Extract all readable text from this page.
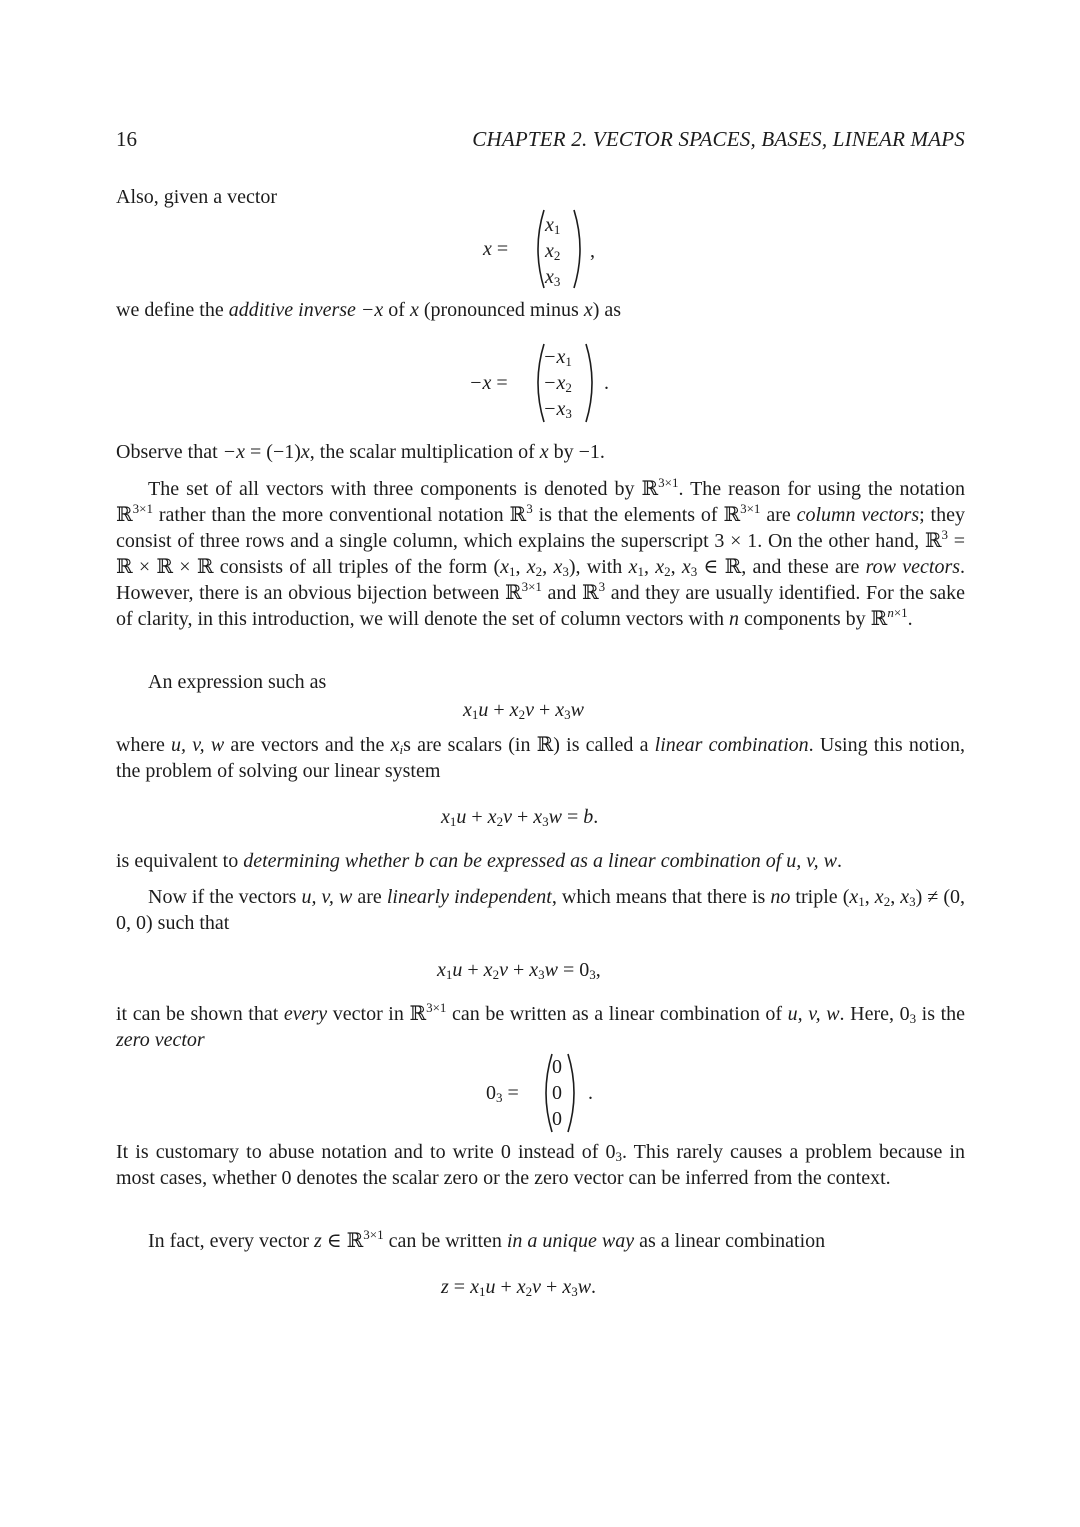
16	CHAPTER 2. VECTOR SPACES, BASES, LINEAR MAPS
Also, given a vector
x =
$x_1$
$x_2$
$x_3$
,
we define the additive inverse −x of x (pronounced minus x) as
−x =
$-x_1$
$-x_2$
$-x_3$
.
Observe that −x = (−1)x, the scalar multiplication of x by −1.
The set of all vectors with three components is denoted by ℝ$^{3\times 1}$. The reason for using the notation ℝ$^{3\times 1}$ rather than the more conventional notation ℝ$^3$ is that the elements of ℝ$^{3\times 1}$ are column vectors; they consist of three rows and a single column, which explains the superscript 3 × 1. On the other hand, ℝ$^3$ = ℝ × ℝ × ℝ consists of all triples of the form ($x_1$, $x_2$, $x_3$), with $x_1$, $x_2$, $x_3$ ∈ ℝ, and these are row vectors. However, there is an obvious bijection between ℝ$^{3\times 1}$ and ℝ$^3$ and they are usually identified. For the sake of clarity, in this introduction, we will denote the set of column vectors with n components by ℝ$^{n\times 1}$.
An expression such as
$x_1u + x_2v + x_3w$
where u, v, w are vectors and the $x_is$ are scalars (in ℝ) is called a linear combination. Using this notion, the problem of solving our linear system
$x_1u + x_2v + x_3w = b$.
is equivalent to determining whether b can be expressed as a linear combination of u, v, w.
Now if the vectors u, v, w are linearly independent, which means that there is no triple ($x_1$, $x_2$, $x_3) \ne (0$, 0, 0) such that
$x_1u + x_2v + x_3w = 0_3$,
it can be shown that every vector in ℝ$^{3\times 1}$ can be written as a linear combination of u, v, w. Here, $0_3$ is the zero vector
$0_3$ =
0
0
0
.
It is customary to abuse notation and to write 0 instead of $0_3$. This rarely causes a problem because in most cases, whether 0 denotes the scalar zero or the zero vector can be inferred from the context.
In fact, every vector z ∈ ℝ$^{3\times 1}$ can be written in a unique way as a linear combination
$z = x_1u + x_2v + x_3w$.
